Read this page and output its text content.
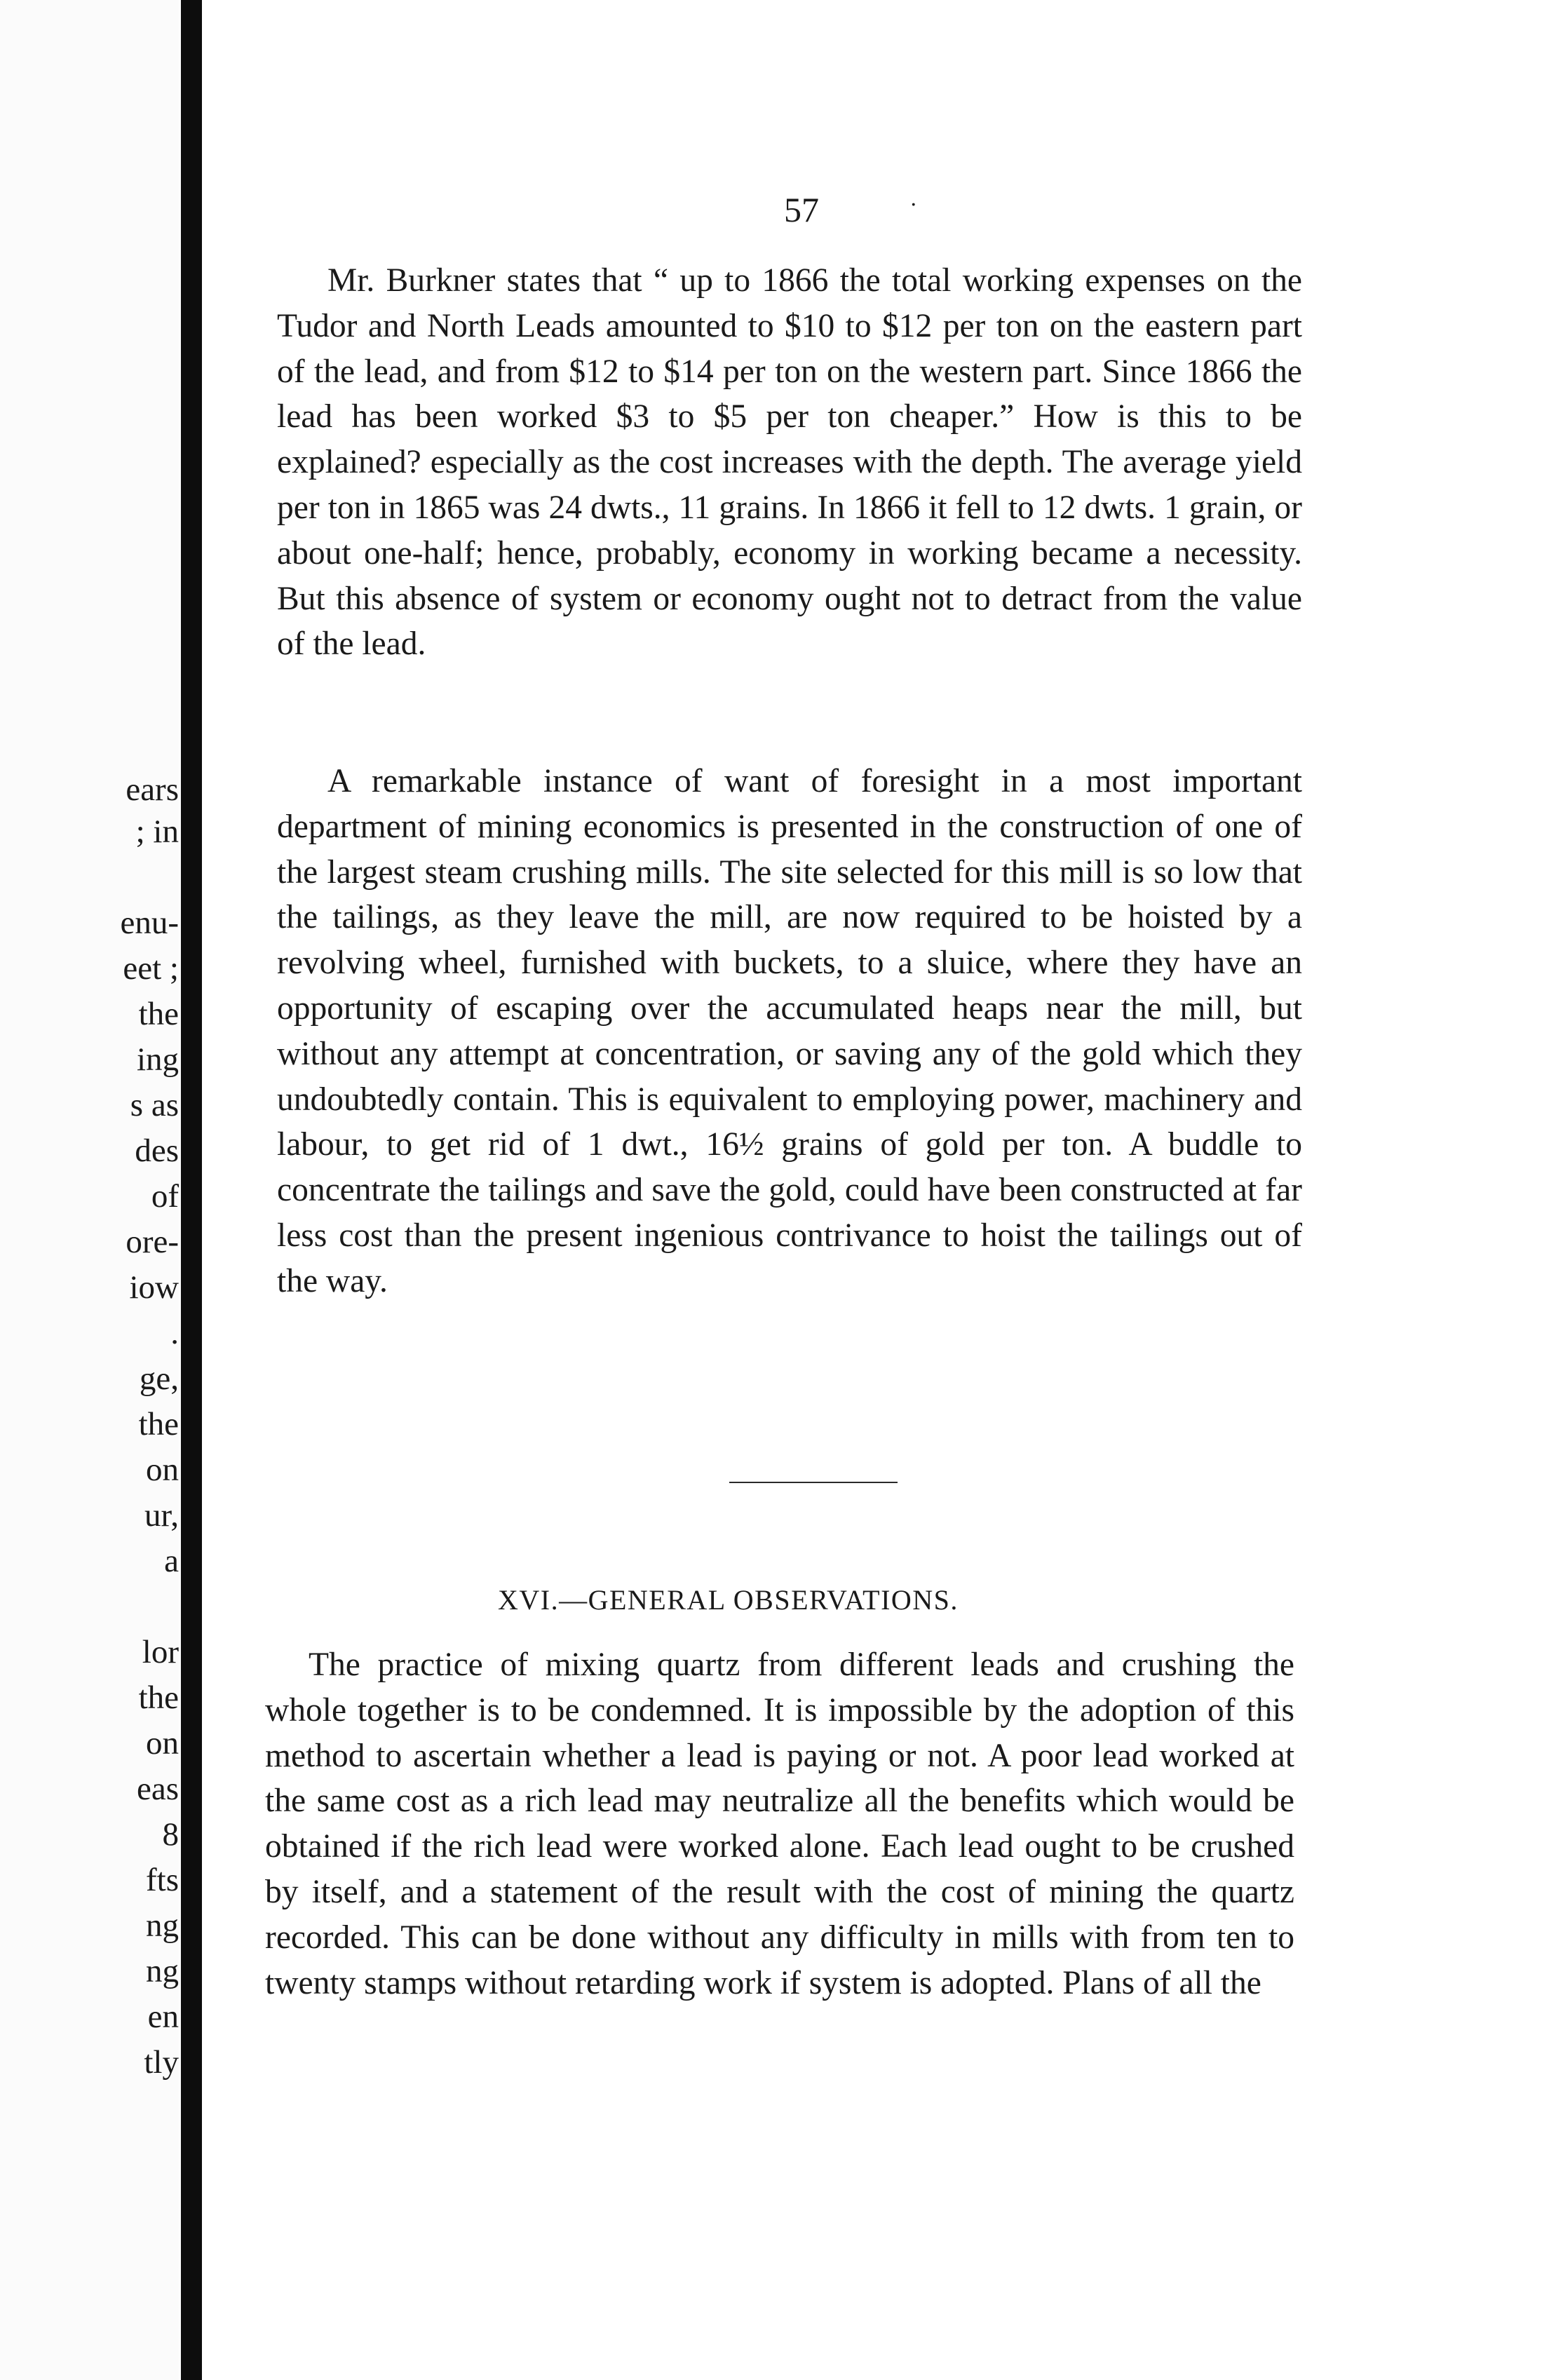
ears
; in
enu-
eet ;
the
ing
s as
des
of
ore-
iow
.
ge,
the
on
ur,
a
lor
the
on
eas
8
fts
ng
ng
en
tly
57	·

Mr. Burkner states that “ up to 1866 the total working expenses on the Tudor and North Leads amounted to $10 to $12 per ton on the eastern part of the lead, and from $12 to $14 per ton on the western part. Since 1866 the lead has been worked $3 to $5 per ton cheaper.” How is this to be explained? especially as the cost increases with the depth. The average yield per ton in 1865 was 24 dwts., 11 grains. In 1866 it fell to 12 dwts. 1 grain, or about one-half; hence, probably, economy in working became a necessity. But this absence of system or economy ought not to detract from the value of the lead.

A remarkable instance of want of foresight in a most important department of mining economics is presented in the construction of one of the largest steam crushing mills. The site selected for this mill is so low that the tailings, as they leave the mill, are now required to be hoisted by a revolving wheel, furnished with buckets, to a sluice, where they have an opportunity of escaping over the accumulated heaps near the mill, but without any attempt at concentration, or saving any of the gold which they undoubtedly contain. This is equivalent to employing power, machinery and labour, to get rid of 1 dwt., 16½ grains of gold per ton. A buddle to concentrate the tailings and save the gold, could have been constructed at far less cost than the present ingenious contrivance to hoist the tailings out of the way.

XVI.—GENERAL OBSERVATIONS.

The practice of mixing quartz from different leads and crushing the whole together is to be condemned. It is impossible by the adoption of this method to ascertain whether a lead is paying or not. A poor lead worked at the same cost as a rich lead may neutralize all the benefits which would be obtained if the rich lead were worked alone. Each lead ought to be crushed by itself, and a statement of the result with the cost of mining the quartz recorded. This can be done without any difficulty in mills with from ten to twenty stamps without retarding work if system is adopted. Plans of all the
